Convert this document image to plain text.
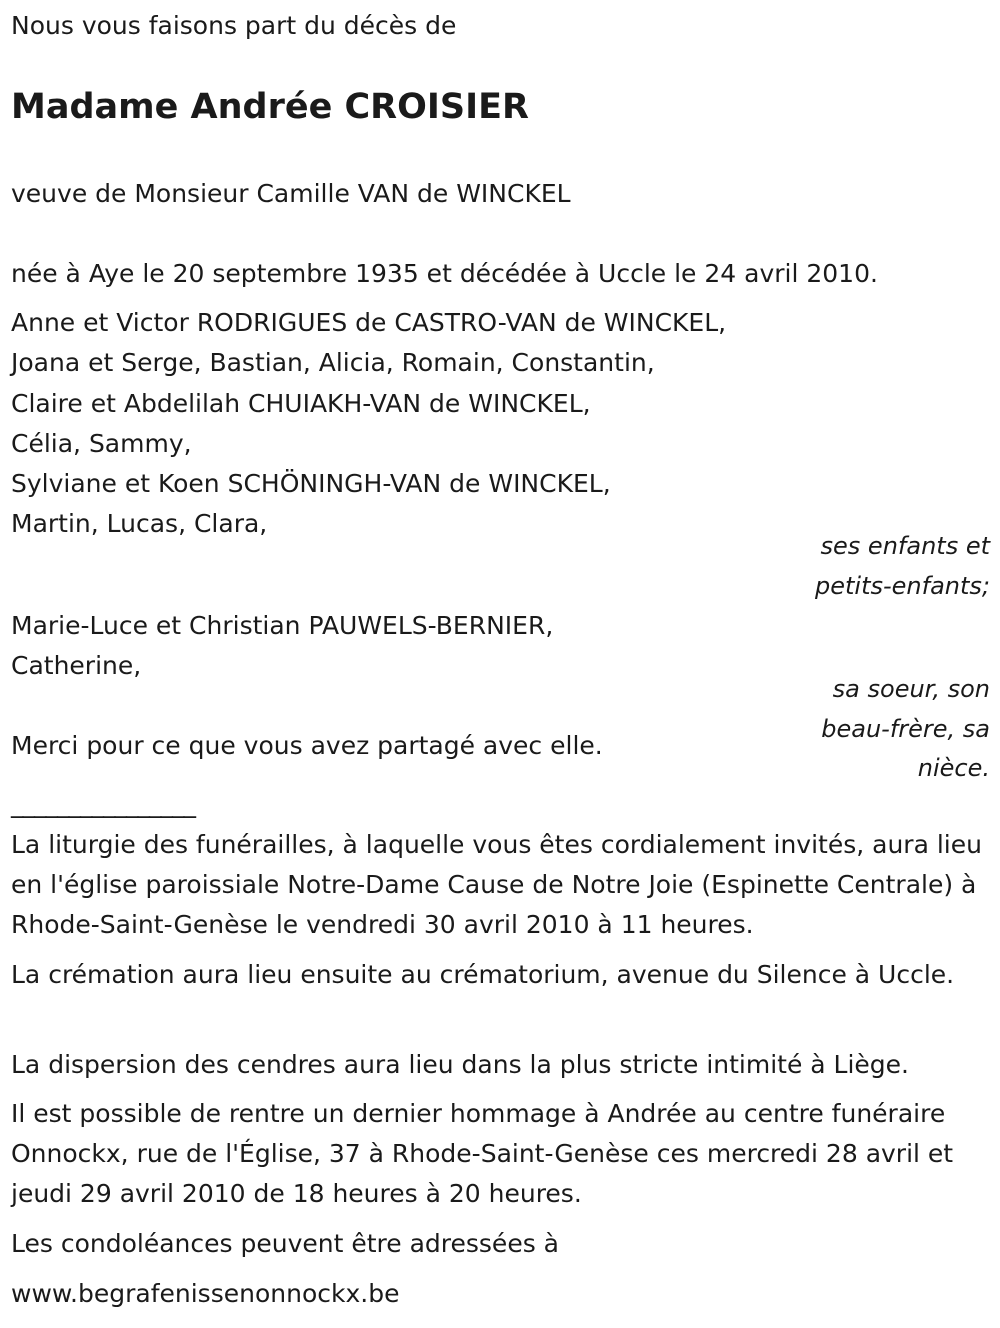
Nous vous faisons part du décès de
Madame Andrée CROISIER
veuve de Monsieur Camille VAN de WINCKEL
née à Aye le 20 septembre 1935 et décédée à Uccle le 24 avril 2010.
Anne et Victor RODRIGUES de CASTRO-VAN de WINCKEL,
Joana et Serge, Bastian, Alicia, Romain, Constantin,
Claire et Abdelilah CHUIAKH-VAN de WINCKEL,
Célia, Sammy,
Sylviane et Koen SCHÖNINGH-VAN de WINCKEL,
Martin, Lucas, Clara,
ses enfants et
petits-enfants;
Marie-Luce et Christian PAUWELS-BERNIER,
Catherine,
sa soeur, son
beau-frère, sa
nièce.
Merci pour ce que vous avez partagé avec elle.
________________
La liturgie des funérailles, à laquelle vous êtes cordialement invités, aura lieu en l'église paroissiale Notre-Dame Cause de Notre Joie (Espinette Centrale) à Rhode-Saint-Genèse le vendredi 30 avril 2010 à 11 heures.
La crémation aura lieu ensuite au crématorium, avenue du Silence à Uccle.
La dispersion des cendres aura lieu dans la plus stricte intimité à Liège.
Il est possible de rentre un dernier hommage à Andrée au centre funéraire Onnockx, rue de l'Église, 37 à Rhode-Saint-Genèse ces mercredi 28 avril et jeudi 29 avril 2010 de 18 heures à 20 heures.
Les condoléances peuvent être adressées à
www.begrafenissenonnockx.be
